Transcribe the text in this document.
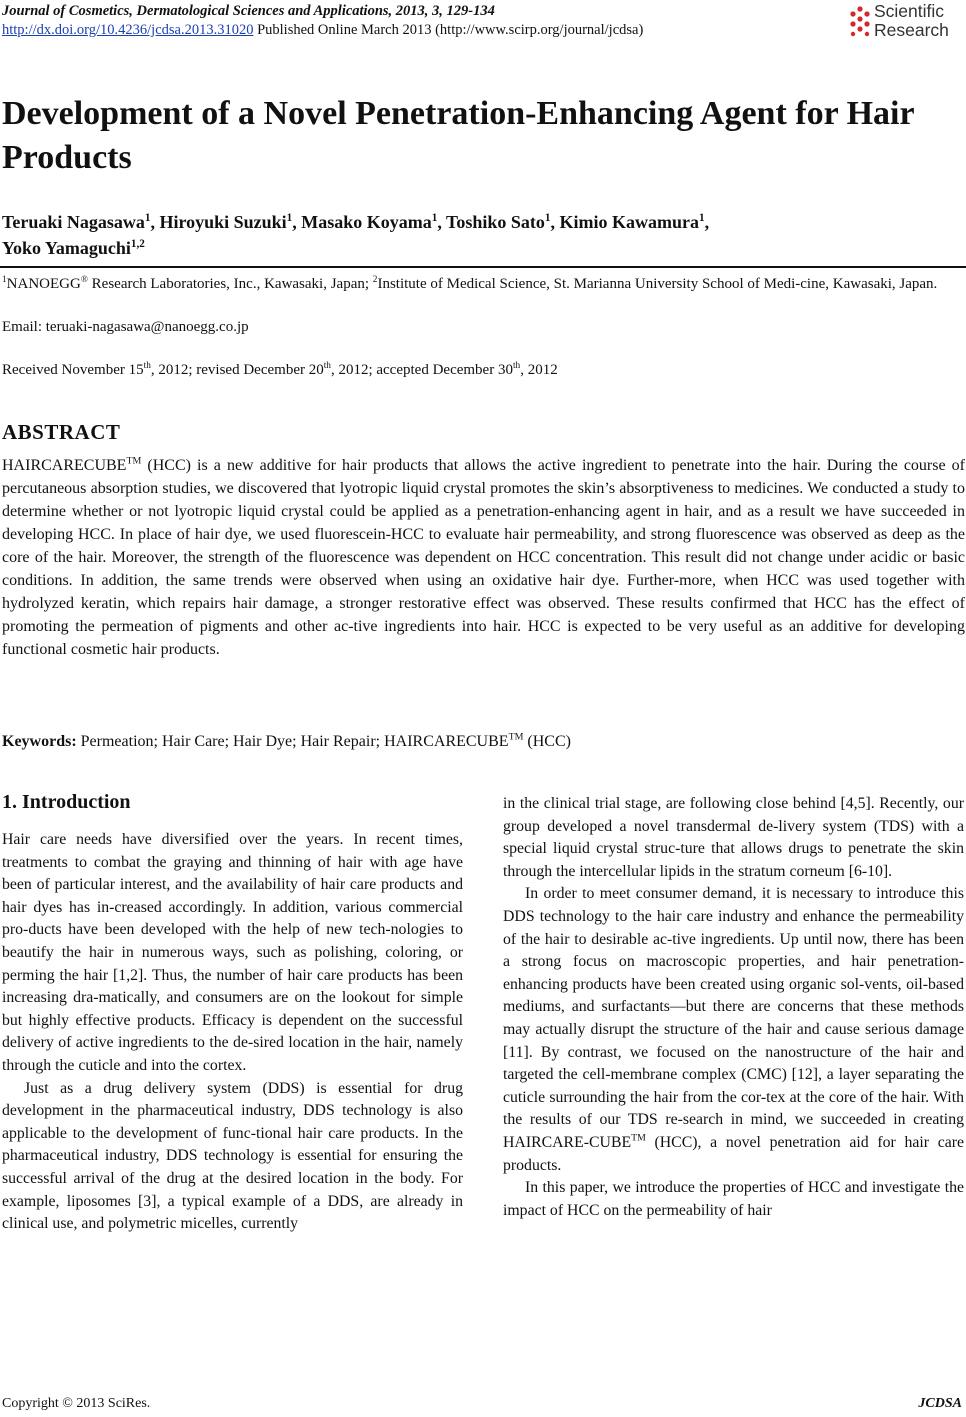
Journal of Cosmetics, Dermatological Sciences and Applications, 2013, 3, 129-134
http://dx.doi.org/10.4236/jcdsa.2013.31020 Published Online March 2013 (http://www.scirp.org/journal/jcdsa)
Scientific
Research
Development of a Novel Penetration-Enhancing Agent for Hair Products
Teruaki Nagasawa$^1$, Hiroyuki Suzuki$^1$, Masako Koyama$^1$, Toshiko Sato$^1$, Kimio Kawamura$^1$,
Yoko Yamaguchi$^{1,2}$
$^1$NANOEGG® Research Laboratories, Inc., Kawasaki, Japan; $^2$Institute of Medical Science, St. Marianna University School of Medi-cine, Kawasaki, Japan.
Email: teruaki-nagasawa@nanoegg.co.jp
Received November 15th, 2012; revised December 20th, 2012; accepted December 30th, 2012
ABSTRACT
HAIRCARECUBE™ (HCC) is a new additive for hair products that allows the active ingredient to penetrate into the hair. During the course of percutaneous absorption studies, we discovered that lyotropic liquid crystal promotes the skin’s absorptiveness to medicines. We conducted a study to determine whether or not lyotropic liquid crystal could be applied as a penetration-enhancing agent in hair, and as a result we have succeeded in developing HCC. In place of hair dye, we used fluorescein-HCC to evaluate hair permeability, and strong fluorescence was observed as deep as the core of the hair. Moreover, the strength of the fluorescence was dependent on HCC concentration. This result did not change under acidic or basic conditions. In addition, the same trends were observed when using an oxidative hair dye. Further-more, when HCC was used together with hydrolyzed keratin, which repairs hair damage, a stronger restorative effect was observed. These results confirmed that HCC has the effect of promoting the permeation of pigments and other ac-tive ingredients into hair. HCC is expected to be very useful as an additive for developing functional cosmetic hair products.
Keywords: Permeation; Hair Care; Hair Dye; Hair Repair; HAIRCARECUBE™ (HCC)
1. Introduction

Hair care needs have diversified over the years. In recent times, treatments to combat the graying and thinning of hair with age have been of particular interest, and the availability of hair care products and hair dyes has in-creased accordingly. In addition, various commercial pro-ducts have been developed with the help of new tech-nologies to beautify the hair in numerous ways, such as polishing, coloring, or perming the hair [1,2]. Thus, the number of hair care products has been increasing dra-matically, and consumers are on the lookout for simple but highly effective products. Efficacy is dependent on the successful delivery of active ingredients to the de-sired location in the hair, namely through the cuticle and into the cortex.

Just as a drug delivery system (DDS) is essential for drug development in the pharmaceutical industry, DDS technology is also applicable to the development of func-tional hair care products. In the pharmaceutical industry, DDS technology is essential for ensuring the successful arrival of the drug at the desired location in the body. For example, liposomes [3], a typical example of a DDS, are already in clinical use, and polymetric micelles, currently

in the clinical trial stage, are following close behind [4,5]. Recently, our group developed a novel transdermal de-livery system (TDS) with a special liquid crystal struc-ture that allows drugs to penetrate the skin through the intercellular lipids in the stratum corneum [6-10].

In order to meet consumer demand, it is necessary to introduce this DDS technology to the hair care industry and enhance the permeability of the hair to desirable ac-tive ingredients. Up until now, there has been a strong focus on macroscopic properties, and hair penetration-enhancing products have been created using organic sol-vents, oil-based mediums, and surfactants—but there are concerns that these methods may actually disrupt the structure of the hair and cause serious damage [11]. By contrast, we focused on the nanostructure of the hair and targeted the cell-membrane complex (CMC) [12], a layer separating the cuticle surrounding the hair from the cor-tex at the core of the hair. With the results of our TDS re-search in mind, we succeeded in creating HAIRCARE-CUBE™ (HCC), a novel penetration aid for hair care products.

In this paper, we introduce the properties of HCC and investigate the impact of HCC on the permeability of hair

Copyright © 2013 SciRes.	JCDSA
